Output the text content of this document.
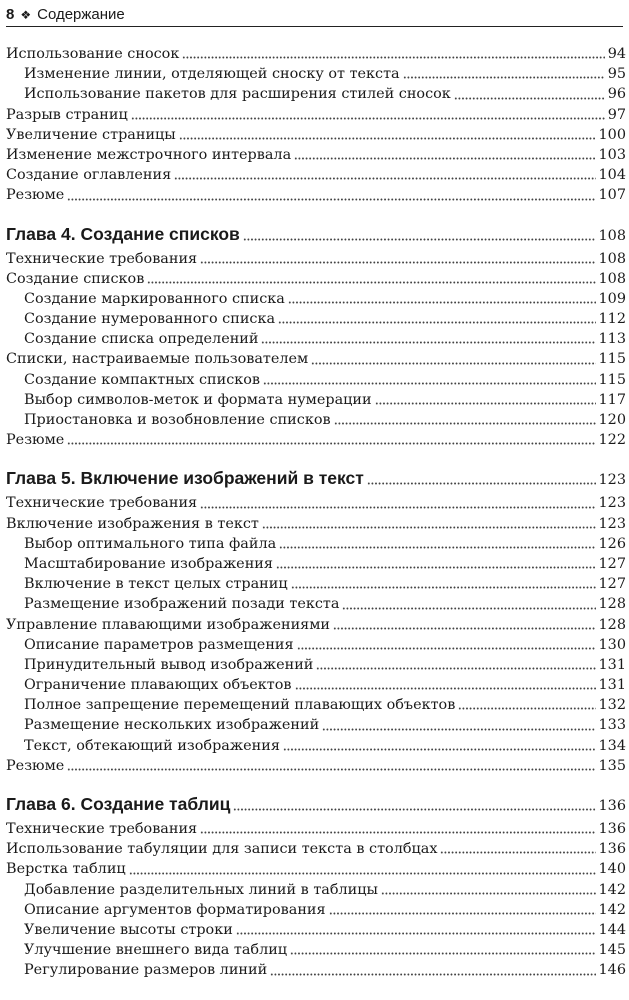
8 ❖ Содержание
Использование сносок	94
Изменение линии, отделяющей сноску от текста	95
Использование пакетов для расширения стилей сносок	96
Разрыв страниц	97
Увеличение страницы	100
Изменение межстрочного интервала	103
Создание оглавления	104
Резюме	107
Глава 4. Создание списков	108
Технические требования	108
Создание списков	108
Создание маркированного списка	109
Создание нумерованного списка	112
Создание списка определений	113
Списки, настраиваемые пользователем	115
Создание компактных списков	115
Выбор символов-меток и формата нумерации	117
Приостановка и возобновление списков	120
Резюме	122
Глава 5. Включение изображений в текст	123
Технические требования	123
Включение изображения в текст	123
Выбор оптимального типа файла	126
Масштабирование изображения	127
Включение в текст целых страниц	127
Размещение изображений позади текста	128
Управление плавающими изображениями	128
Описание параметров размещения	130
Принудительный вывод изображений	131
Ограничение плавающих объектов	131
Полное запрещение перемещений плавающих объектов	132
Размещение нескольких изображений	133
Текст, обтекающий изображения	134
Резюме	135
Глава 6. Создание таблиц	136
Технические требования	136
Использование табуляции для записи текста в столбцах	136
Верстка таблиц	140
Добавление разделительных линий в таблицы	142
Описание аргументов форматирования	142
Увеличение высоты строки	144
Улучшение внешнего вида таблиц	145
Регулирование размеров линий	146
